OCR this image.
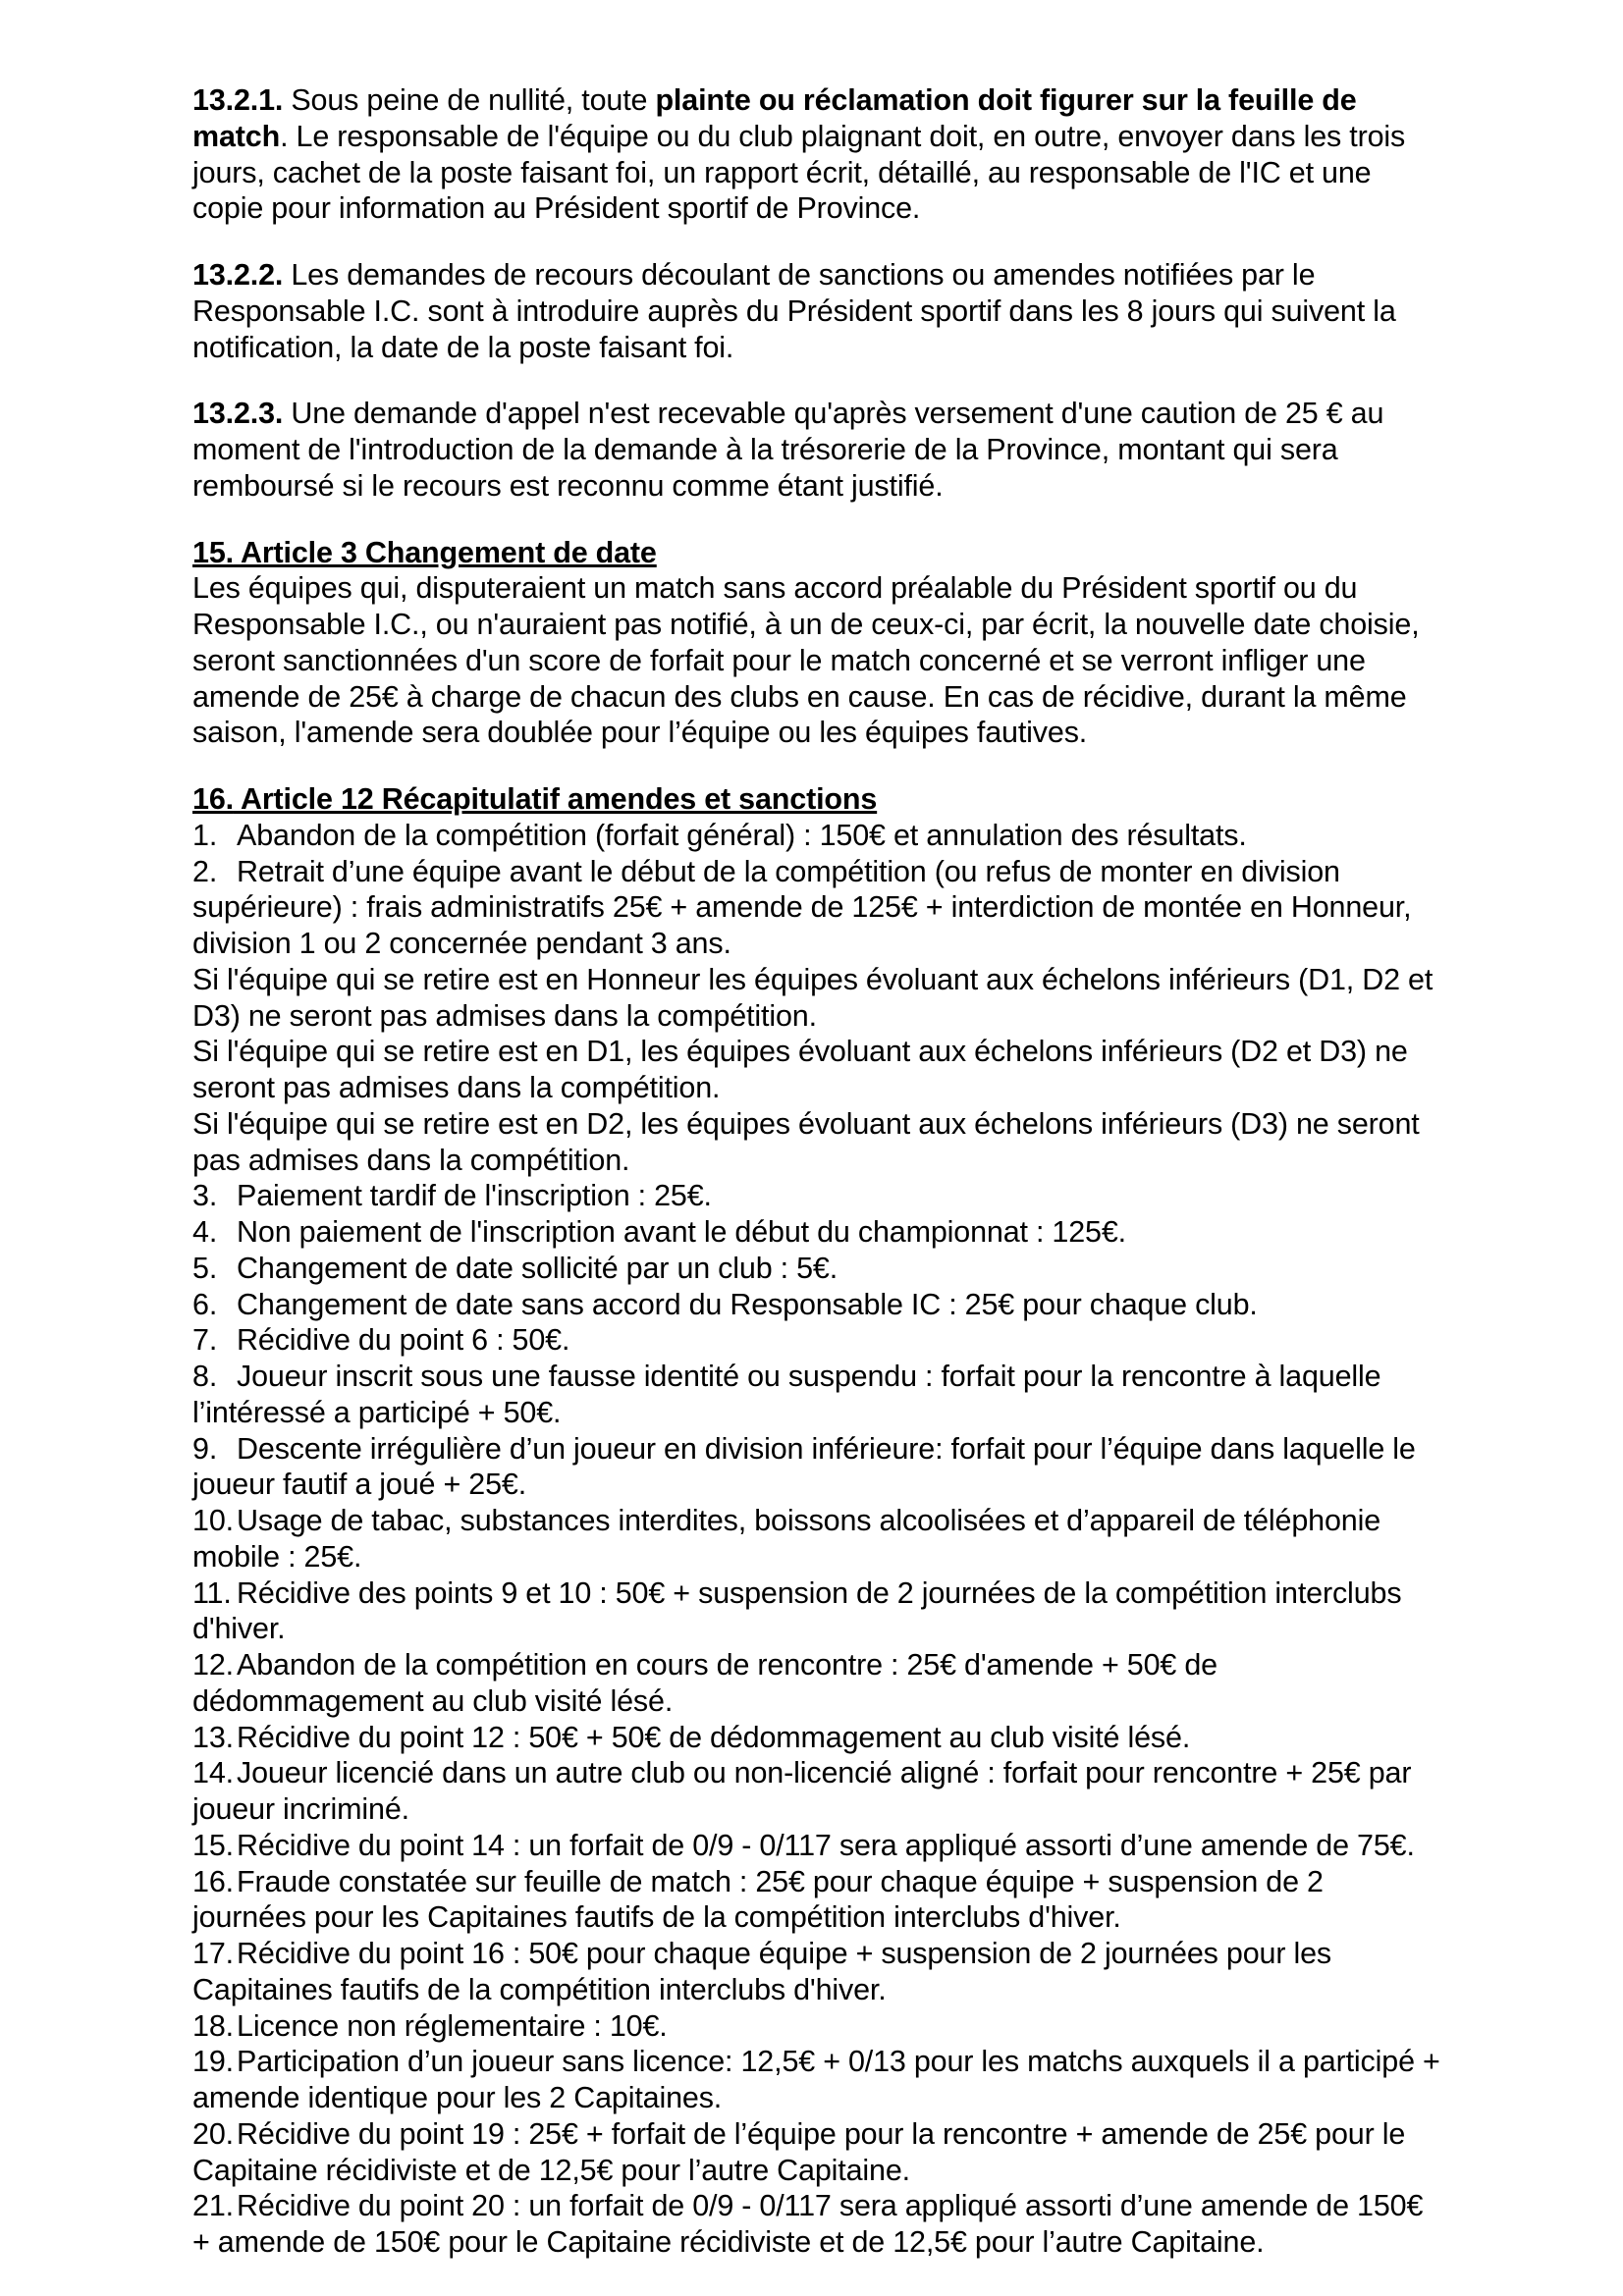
13.2.1. Sous peine de nullité, toute plainte ou réclamation doit figurer sur la feuille de match. Le responsable de l'équipe ou du club plaignant doit, en outre, envoyer dans les trois jours, cachet de la poste faisant foi, un rapport écrit, détaillé, au responsable de l'IC et une copie pour information au Président sportif de Province.

13.2.2. Les demandes de recours découlant de sanctions ou amendes notifiées par le Responsable I.C. sont à introduire auprès du Président sportif dans les 8 jours qui suivent la notification, la date de la poste faisant foi.

13.2.3. Une demande d'appel n'est recevable qu'après versement d'une caution de 25 € au moment de l'introduction de la demande à la trésorerie de la Province, montant qui sera remboursé si le recours est reconnu comme étant justifié.

15. Article 3 Changement de date

Les équipes qui, disputeraient un match sans accord préalable du Président sportif ou du Responsable I.C., ou n'auraient pas notifié, à un de ceux-ci, par écrit, la nouvelle date choisie, seront sanctionnées d'un score de forfait pour le match concerné et se verront infliger une amende de 25€ à charge de chacun des clubs en cause. En cas de récidive, durant la même saison, l'amende sera doublée pour l’équipe ou les équipes fautives.

16. Article 12 Récapitulatif amendes et sanctions

1. Abandon de la compétition (forfait général) : 150€ et annulation des résultats.

2. Retrait d’une équipe avant le début de la compétition (ou refus de monter en division supérieure) : frais administratifs 25€ + amende de 125€ + interdiction de montée en Honneur, division 1 ou 2 concernée pendant 3 ans.

Si l'équipe qui se retire est en Honneur les équipes évoluant aux échelons inférieurs (D1, D2 et D3) ne seront pas admises dans la compétition.

Si l'équipe qui se retire est en D1, les équipes évoluant aux échelons inférieurs (D2 et D3) ne seront pas admises dans la compétition.

Si l'équipe qui se retire est en D2, les équipes évoluant aux échelons inférieurs (D3) ne seront pas admises dans la compétition.

3. Paiement tardif de l'inscription : 25€.

4. Non paiement de l'inscription avant le début du championnat : 125€.

5. Changement de date sollicité par un club : 5€.

6. Changement de date sans accord du Responsable IC : 25€ pour chaque club.

7. Récidive du point 6 : 50€.

8. Joueur inscrit sous une fausse identité ou suspendu : forfait pour la rencontre à laquelle l’intéressé a participé + 50€.

9. Descente irrégulière d’un joueur en division inférieure: forfait pour l’équipe dans laquelle le joueur fautif a joué + 25€.

10.Usage de tabac, substances interdites, boissons alcoolisées et d’appareil de téléphonie mobile : 25€.

11. Récidive des points 9 et 10 : 50€ + suspension de 2 journées de la compétition interclubs d'hiver.

12.Abandon de la compétition en cours de rencontre : 25€ d'amende + 50€ de dédommagement au club visité lésé.

13.Récidive du point 12 : 50€ + 50€ de dédommagement au club visité lésé.

14.Joueur licencié dans un autre club ou non-licencié aligné : forfait pour rencontre + 25€ par joueur incriminé.

15.Récidive du point 14 : un forfait de 0/9 - 0/117 sera appliqué assorti d’une amende de 75€.

16.Fraude constatée sur feuille de match : 25€ pour chaque équipe + suspension de 2 journées pour les Capitaines fautifs de la compétition interclubs d'hiver.

17.Récidive du point 16 : 50€ pour chaque équipe + suspension de 2 journées pour les Capitaines fautifs de la compétition interclubs d'hiver.

18.Licence non réglementaire : 10€.

19.Participation d’un joueur sans licence: 12,5€ + 0/13 pour les matchs auxquels il a participé + amende identique pour les 2 Capitaines.

20.Récidive du point 19 : 25€ + forfait de l’équipe pour la rencontre + amende de 25€ pour le Capitaine récidiviste et de 12,5€ pour l’autre Capitaine.

21.Récidive du point 20 : un forfait de 0/9 - 0/117 sera appliqué assorti d’une amende de 150€ + amende de 150€ pour le Capitaine récidiviste et de 12,5€ pour l’autre Capitaine.
